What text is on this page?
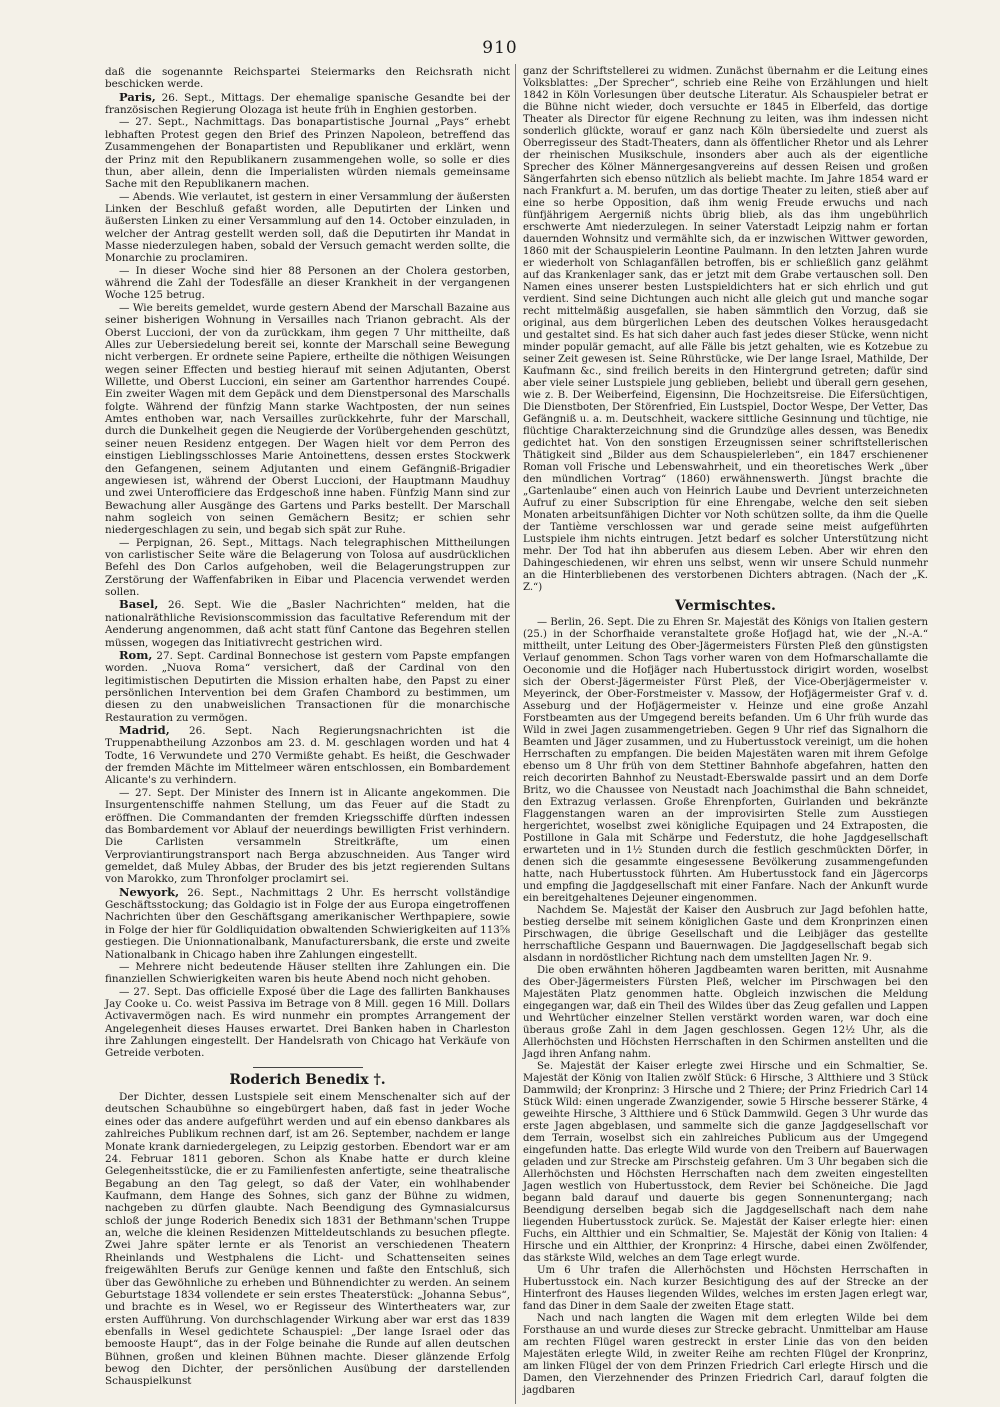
910

daß die sogenannte Reichspartei Steiermarks den Reichsrath nicht beschicken werde.

Paris, 26. Sept., Mittags. Der ehemalige spanische Gesandte bei der französischen Regierung Olozaga ist heute früh in Enghien gestorben.

— 27. Sept., Nachmittags. Das bonapartistische Journal „Pays“ erhebt lebhaften Protest gegen den Brief des Prinzen Napoleon, betreffend das Zusammengehen der Bonapartisten und Republikaner und erklärt, wenn der Prinz mit den Republikanern zusammengehen wolle, so solle er dies thun, aber allein, denn die Imperialisten würden niemals gemeinsame Sache mit den Republikanern machen.

— Abends. Wie verlautet, ist gestern in einer Versammlung der äußersten Linken der Beschluß gefaßt worden, alle Deputirten der Linken und äußersten Linken zu einer Versammlung auf den 14. October einzuladen, in welcher der Antrag gestellt werden soll, daß die Deputirten ihr Mandat in Masse niederzulegen haben, sobald der Versuch gemacht werden sollte, die Monarchie zu proclamiren.

— In dieser Woche sind hier 88 Personen an der Cholera gestorben, während die Zahl der Todesfälle an dieser Krankheit in der vergangenen Woche 125 betrug.

— Wie bereits gemeldet, wurde gestern Abend der Marschall Bazaine aus seiner bisherigen Wohnung in Versailles nach Trianon gebracht. Als der Oberst Luccioni, der von da zurückkam, ihm gegen 7 Uhr mittheilte, daß Alles zur Uebersiedelung bereit sei, konnte der Marschall seine Bewegung nicht verbergen. Er ordnete seine Papiere, ertheilte die nöthigen Weisungen wegen seiner Effecten und bestieg hierauf mit seinen Adjutanten, Oberst Willette, und Oberst Luccioni, ein seiner am Gartenthor harrendes Coupé. Ein zweiter Wagen mit dem Gepäck und dem Dienstpersonal des Marschalls folgte. Während der fünfzig Mann starke Wachtposten, der nun seines Amtes enthoben war, nach Versailles zurückkehrte, fuhr der Marschall, durch die Dunkelheit gegen die Neugierde der Vorübergehenden geschützt, seiner neuen Residenz entgegen. Der Wagen hielt vor dem Perron des einstigen Lieblingsschlosses Marie Antoinettens, dessen erstes Stockwerk den Gefangenen, seinem Adjutanten und einem Gefängniß-Brigadier angewiesen ist, während der Oberst Luccioni, der Hauptmann Maudhuy und zwei Unterofficiere das Erdgeschoß inne haben. Fünfzig Mann sind zur Bewachung aller Ausgänge des Gartens und Parks bestellt. Der Marschall nahm sogleich von seinen Gemächern Besitz; er schien sehr niedergeschlagen zu sein, und begab sich spät zur Ruhe.

— Perpignan, 26. Sept., Mittags. Nach telegraphischen Mittheilungen von carlistischer Seite wäre die Belagerung von Tolosa auf ausdrücklichen Befehl des Don Carlos aufgehoben, weil die Belagerungstruppen zur Zerstörung der Waffenfabriken in Eibar und Placencia verwendet werden sollen.

Basel, 26. Sept. Wie die „Basler Nachrichten“ melden, hat die nationalräthliche Revisionscommission das facultative Referendum mit der Aenderung angenommen, daß acht statt fünf Cantone das Begehren stellen müssen, wogegen das Initiativrecht gestrichen wird.

Rom, 27. Sept. Cardinal Bonnechose ist gestern vom Papste empfangen worden. „Nuova Roma“ versichert, daß der Cardinal von den legitimistischen Deputirten die Mission erhalten habe, den Papst zu einer persönlichen Intervention bei dem Grafen Chambord zu bestimmen, um diesen zu den unabweislichen Transactionen für die monarchische Restauration zu vermögen.

Madrid, 26. Sept. Nach Regierungsnachrichten ist die Truppenabtheilung Azzonbos am 23. d. M. geschlagen worden und hat 4 Todte, 16 Verwundete und 270 Vermißte gehabt. Es heißt, die Geschwader der fremden Mächte im Mittelmeer wären entschlossen, ein Bombardement Alicante's zu verhindern.

— 27. Sept. Der Minister des Innern ist in Alicante angekommen. Die Insurgentenschiffe nahmen Stellung, um das Feuer auf die Stadt zu eröffnen. Die Commandanten der fremden Kriegsschiffe dürften indessen das Bombardement vor Ablauf der neuerdings bewilligten Frist verhindern. Die Carlisten versammeln Streitkräfte, um einen Verproviantirungstransport nach Berga abzuschneiden. Aus Tanger wird gemeldet, daß Muley Abbas, der Bruder des bis jetzt regierenden Sultans von Marokko, zum Thronfolger proclamirt sei.

Newyork, 26. Sept., Nachmittags 2 Uhr. Es herrscht vollständige Geschäftsstockung; das Goldagio ist in Folge der aus Europa eingetroffenen Nachrichten über den Geschäftsgang amerikanischer Werthpapiere, sowie in Folge der hier für Goldliquidation obwaltenden Schwierigkeiten auf 113⅝ gestiegen. Die Unionnationalbank, Manufacturersbank, die erste und zweite Nationalbank in Chicago haben ihre Zahlungen eingestellt.

— Mehrere nicht bedeutende Häuser stellten ihre Zahlungen ein. Die finanziellen Schwierigkeiten waren bis heute Abend noch nicht gehoben.

— 27. Sept. Das officielle Exposé über die Lage des fallirten Bankhauses Jay Cooke u. Co. weist Passiva im Betrage von 8 Mill. gegen 16 Mill. Dollars Activavermögen nach. Es wird nunmehr ein promptes Arrangement der Angelegenheit dieses Hauses erwartet. Drei Banken haben in Charleston ihre Zahlungen eingestellt. Der Handelsrath von Chicago hat Verkäufe von Getreide verboten.

Roderich Benedix †.

Der Dichter, dessen Lustspiele seit einem Menschenalter sich auf der deutschen Schaubühne so eingebürgert haben, daß fast in jeder Woche eines oder das andere aufgeführt werden und auf ein ebenso dankbares als zahlreiches Publikum rechnen darf, ist am 26. September, nachdem er lange Monate krank darniedergelegen, zu Leipzig gestorben. Ebendort war er am 24. Februar 1811 geboren. Schon als Knabe hatte er durch kleine Gelegenheitsstücke, die er zu Familienfesten anfertigte, seine theatralische Begabung an den Tag gelegt, so daß der Vater, ein wohlhabender Kaufmann, dem Hange des Sohnes, sich ganz der Bühne zu widmen, nachgeben zu dürfen glaubte. Nach Beendigung des Gymnasialcursus schloß der junge Roderich Benedix sich 1831 der Bethmann'schen Truppe an, welche die kleinen Residenzen Mitteldeutschlands zu besuchen pflegte. Zwei Jahre später lernte er als Tenorist an verschiedenen Theatern Rheinlands und Westphalens die Licht- und Schattenseiten seines freigewählten Berufs zur Genüge kennen und faßte den Entschluß, sich über das Gewöhnliche zu erheben und Bühnendichter zu werden. An seinem Geburtstage 1834 vollendete er sein erstes Theaterstück: „Johanna Sebus“, und brachte es in Wesel, wo er Regisseur des Wintertheaters war, zur ersten Aufführung. Von durchschlagender Wirkung aber war erst das 1839 ebenfalls in Wesel gedichtete Schauspiel: „Der lange Israel oder das bemooste Haupt“, das in der Folge beinahe die Runde auf allen deutschen Bühnen, großen und kleinen Bühnen machte. Dieser glänzende Erfolg bewog den Dichter, der persönlichen Ausübung der darstellenden Schauspielkunst

ganz der Schriftstellerei zu widmen. Zunächst übernahm er die Leitung eines Volksblattes: „Der Sprecher“, schrieb eine Reihe von Erzählungen und hielt 1842 in Köln Vorlesungen über deutsche Literatur. Als Schauspieler betrat er die Bühne nicht wieder, doch versuchte er 1845 in Elberfeld, das dortige Theater als Director für eigene Rechnung zu leiten, was ihm indessen nicht sonderlich glückte, worauf er ganz nach Köln übersiedelte und zuerst als Oberregisseur des Stadt-Theaters, dann als öffentlicher Rhetor und als Lehrer der rheinischen Musikschule, insonders aber auch als der eigentliche Sprecher des Kölner Männergesangvereins auf dessen Reisen und großen Sängerfahrten sich ebenso nützlich als beliebt machte. Im Jahre 1854 ward er nach Frankfurt a. M. berufen, um das dortige Theater zu leiten, stieß aber auf eine so herbe Opposition, daß ihm wenig Freude erwuchs und nach fünfjährigem Aergerniß nichts übrig blieb, als das ihm ungebührlich erschwerte Amt niederzulegen. In seiner Vaterstadt Leipzig nahm er fortan dauernden Wohnsitz und vermählte sich, da er inzwischen Wittwer geworden, 1860 mit der Schauspielerin Leontine Paulmann. In den letzten Jahren wurde er wiederholt von Schlaganfällen betroffen, bis er schließlich ganz gelähmt auf das Krankenlager sank, das er jetzt mit dem Grabe vertauschen soll. Den Namen eines unserer besten Lustspieldichters hat er sich ehrlich und gut verdient. Sind seine Dichtungen auch nicht alle gleich gut und manche sogar recht mittelmäßig ausgefallen, sie haben sämmtlich den Vorzug, daß sie original, aus dem bürgerlichen Leben des deutschen Volkes herausgedacht und gestaltet sind. Es hat sich daher auch fast jedes dieser Stücke, wenn nicht minder populär gemacht, auf alle Fälle bis jetzt gehalten, wie es Kotzebue zu seiner Zeit gewesen ist. Seine Rührstücke, wie Der lange Israel, Mathilde, Der Kaufmann &c., sind freilich bereits in den Hintergrund getreten; dafür sind aber viele seiner Lustspiele jung geblieben, beliebt und überall gern gesehen, wie z. B. Der Weiberfeind, Eigensinn, Die Hochzeitsreise. Die Eifersüchtigen, Die Dienstboten, Der Störenfried, Ein Lustspiel, Doctor Wespe, Der Vetter, Das Gefängniß u. a. m. Deutschheit, wackere sittliche Gesinnung und tüchtige, nie flüchtige Charakterzeichnung sind die Grundzüge alles dessen, was Benedix gedichtet hat. Von den sonstigen Erzeugnissen seiner schriftstellerischen Thätigkeit sind „Bilder aus dem Schauspielerleben“, ein 1847 erschienener Roman voll Frische und Lebenswahrheit, und ein theoretisches Werk „über den mündlichen Vortrag“ (1860) erwähnenswerth. Jüngst brachte die „Gartenlaube“ einen auch von Heinrich Laube und Devrient unterzeichneten Aufruf zu einer Subscription für eine Ehrengabe, welche den seit sieben Monaten arbeitsunfähigen Dichter vor Noth schützen sollte, da ihm die Quelle der Tantième verschlossen war und gerade seine meist aufgeführten Lustspiele ihm nichts eintrugen. Jetzt bedarf es solcher Unterstützung nicht mehr. Der Tod hat ihn abberufen aus diesem Leben. Aber wir ehren den Dahingeschiedenen, wir ehren uns selbst, wenn wir unsere Schuld nunmehr an die Hinterbliebenen des verstorbenen Dichters abtragen. (Nach der „K. Z.“)

Vermischtes.

— Berlin, 26. Sept. Die zu Ehren Sr. Majestät des Königs von Italien gestern (25.) in der Schorfhaide veranstaltete große Hofjagd hat, wie der „N.-A.“ mittheilt, unter Leitung des Ober-Jägermeisters Fürsten Pleß den günstigsten Verlauf genommen. Schon Tags vorher waren von dem Hofmarschallamte die Oeconomie und die Hofjäger nach Hubertusstock dirigirt worden, woselbst sich der Oberst-Jägermeister Fürst Pleß, der Vice-Oberjägermeister v. Meyerinck, der Ober-Forstmeister v. Massow, der Hofjägermeister Graf v. d. Asseburg und der Hofjägermeister v. Heinze und eine große Anzahl Forstbeamten aus der Umgegend bereits befanden. Um 6 Uhr früh wurde das Wild in zwei Jagen zusammengetrieben. Gegen 9 Uhr rief das Signalhorn die Beamten und Jäger zusammen, und zu Hubertusstock vereinigt, um die hohen Herrschaften zu empfangen. Die beiden Majestäten waren mit ihrem Gefolge ebenso um 8 Uhr früh von dem Stettiner Bahnhofe abgefahren, hatten den reich decorirten Bahnhof zu Neustadt-Eberswalde passirt und an dem Dorfe Britz, wo die Chaussee von Neustadt nach Joachimsthal die Bahn schneidet, den Extrazug verlassen. Große Ehrenpforten, Guirlanden und bekränzte Flaggenstangen waren an der improvisirten Stelle zum Ausstiegen hergerichtet, woselbst zwei königliche Equipagen und 24 Extraposten, die Postillone in Gala mit Schärpe und Federstutz, die hohe Jagdgesellschaft erwarteten und in 1½ Stunden durch die festlich geschmückten Dörfer, in denen sich die gesammte eingesessene Bevölkerung zusammengefunden hatte, nach Hubertusstock führten. Am Hubertusstock fand ein Jägercorps und empfing die Jagdgesellschaft mit einer Fanfare. Nach der Ankunft wurde ein bereitgehaltenes Dejeuner eingenommen.

Nachdem Se. Majestät der Kaiser den Ausbruch zur Jagd befohlen hatte, bestieg derselbe mit seinem königlichen Gaste und dem Kronprinzen einen Pirschwagen, die übrige Gesellschaft und die Leibjäger das gestellte herrschaftliche Gespann und Bauernwagen. Die Jagdgesellschaft begab sich alsdann in nordöstlicher Richtung nach dem umstellten Jagen Nr. 9.

Die oben erwähnten höheren Jagdbeamten waren beritten, mit Ausnahme des Ober-Jägermeisters Fürsten Pleß, welcher im Pirschwagen bei den Majestäten Platz genommen hatte. Obgleich inzwischen die Meldung eingegangen war, daß ein Theil des Wildes über das Zeug gefallen und Lappen und Wehrtücher einzelner Stellen verstärkt worden waren, war doch eine überaus große Zahl in dem Jagen geschlossen. Gegen 12½ Uhr, als die Allerhöchsten und Höchsten Herrschaften in den Schirmen anstellten und die Jagd ihren Anfang nahm.

Se. Majestät der Kaiser erlegte zwei Hirsche und ein Schmaltier, Se. Majestät der König von Italien zwölf Stück: 6 Hirsche, 3 Altthiere und 3 Stück Dammwild; der Kronprinz: 3 Hirsche und 2 Thiere; der Prinz Friedrich Carl 14 Stück Wild: einen ungerade Zwanzigender, sowie 5 Hirsche besserer Stärke, 4 geweihte Hirsche, 3 Altthiere und 6 Stück Dammwild. Gegen 3 Uhr wurde das erste Jagen abgeblasen, und sammelte sich die ganze Jagdgesellschaft vor dem Terrain, woselbst sich ein zahlreiches Publicum aus der Umgegend eingefunden hatte. Das erlegte Wild wurde von den Treibern auf Bauerwagen geladen und zur Strecke am Pirschsteig gefahren. Um 3 Uhr begaben sich die Allerhöchsten und Höchsten Herrschaften nach dem zweiten eingestellten Jagen westlich von Hubertusstock, dem Revier bei Schöneiche. Die Jagd begann bald darauf und dauerte bis gegen Sonnenuntergang; nach Beendigung derselben begab sich die Jagdgesellschaft nach dem nahe liegenden Hubertusstock zurück. Se. Majestät der Kaiser erlegte hier: einen Fuchs, ein Altthier und ein Schmaltier, Se. Majestät der König von Italien: 4 Hirsche und ein Altthier, der Kronprinz: 4 Hirsche, dabei einen Zwölfender, das stärkste Wild, welches an dem Tage erlegt wurde.

Um 6 Uhr trafen die Allerhöchsten und Höchsten Herrschaften in Hubertusstock ein. Nach kurzer Besichtigung des auf der Strecke an der Hinterfront des Hauses liegenden Wildes, welches im ersten Jagen erlegt war, fand das Diner in dem Saale der zweiten Etage statt.

Nach und nach langten die Wagen mit dem erlegten Wilde bei dem Forsthause an und wurde dieses zur Strecke gebracht. Unmittelbar am Hause am rechten Flügel waren gestreckt in erster Linie das von den beiden Majestäten erlegte Wild, in zweiter Reihe am rechten Flügel der Kronprinz, am linken Flügel der von dem Prinzen Friedrich Carl erlegte Hirsch und die Damen, den Vierzehnender des Prinzen Friedrich Carl, darauf folgten die jagdbaren
